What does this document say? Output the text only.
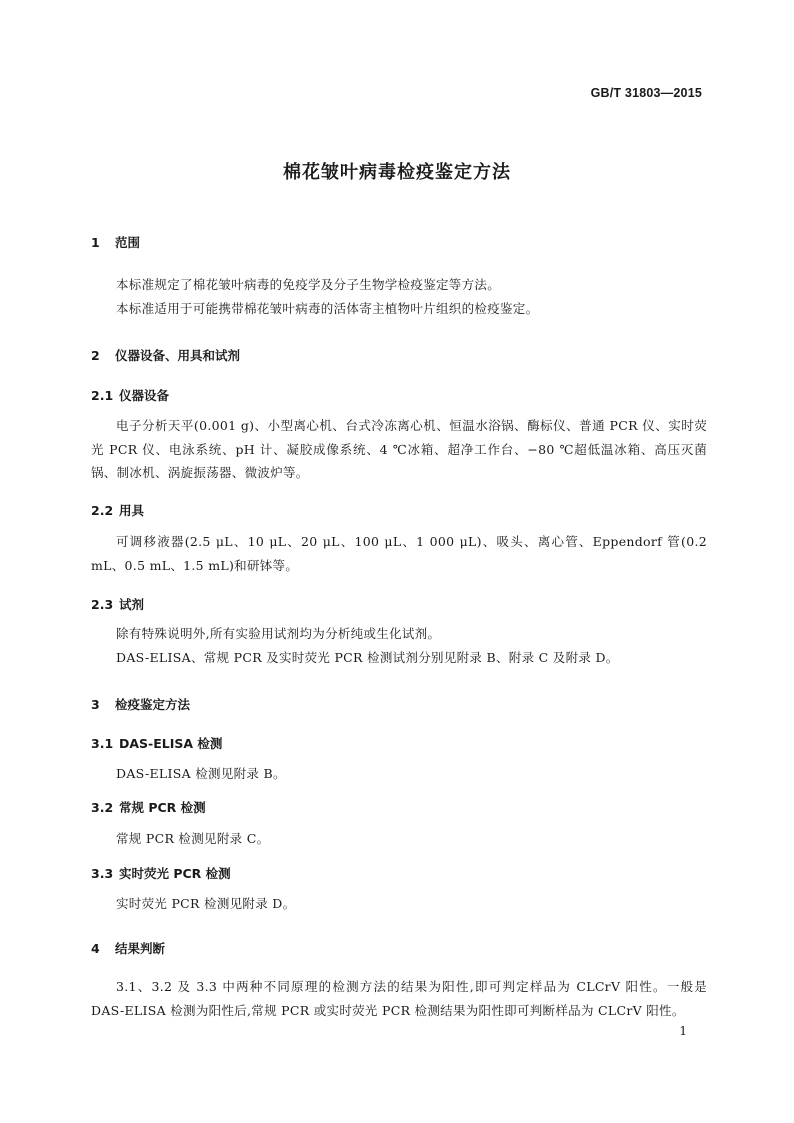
GB/T 31803—2015
棉花皱叶病毒检疫鉴定方法
1 范围
本标准规定了棉花皱叶病毒的免疫学及分子生物学检疫鉴定等方法。
本标准适用于可能携带棉花皱叶病毒的活体寄主植物叶片组织的检疫鉴定。
2 仪器设备、用具和试剂
2.1 仪器设备
电子分析天平(0.001 g)、小型离心机、台式冷冻离心机、恒温水浴锅、酶标仪、普通 PCR 仪、实时荧光 PCR 仪、电泳系统、pH 计、凝胶成像系统、4 ℃冰箱、超净工作台、−80 ℃超低温冰箱、高压灭菌锅、制冰机、涡旋振荡器、微波炉等。
2.2 用具
可调移液器(2.5 μL、10 μL、20 μL、100 μL、1 000 μL)、吸头、离心管、Eppendorf 管(0.2 mL、0.5 mL、1.5 mL)和研钵等。
2.3 试剂
除有特殊说明外,所有实验用试剂均为分析纯或生化试剂。
DAS-ELISA、常规 PCR 及实时荧光 PCR 检测试剂分别见附录 B、附录 C 及附录 D。
3 检疫鉴定方法
3.1 DAS-ELISA 检测
DAS-ELISA 检测见附录 B。
3.2 常规 PCR 检测
常规 PCR 检测见附录 C。
3.3 实时荧光 PCR 检测
实时荧光 PCR 检测见附录 D。
4 结果判断
3.1、3.2 及 3.3 中两种不同原理的检测方法的结果为阳性,即可判定样品为 CLCrV 阳性。一般是 DAS-ELISA 检测为阳性后,常规 PCR 或实时荧光 PCR 检测结果为阳性即可判断样品为 CLCrV 阳性。
1
